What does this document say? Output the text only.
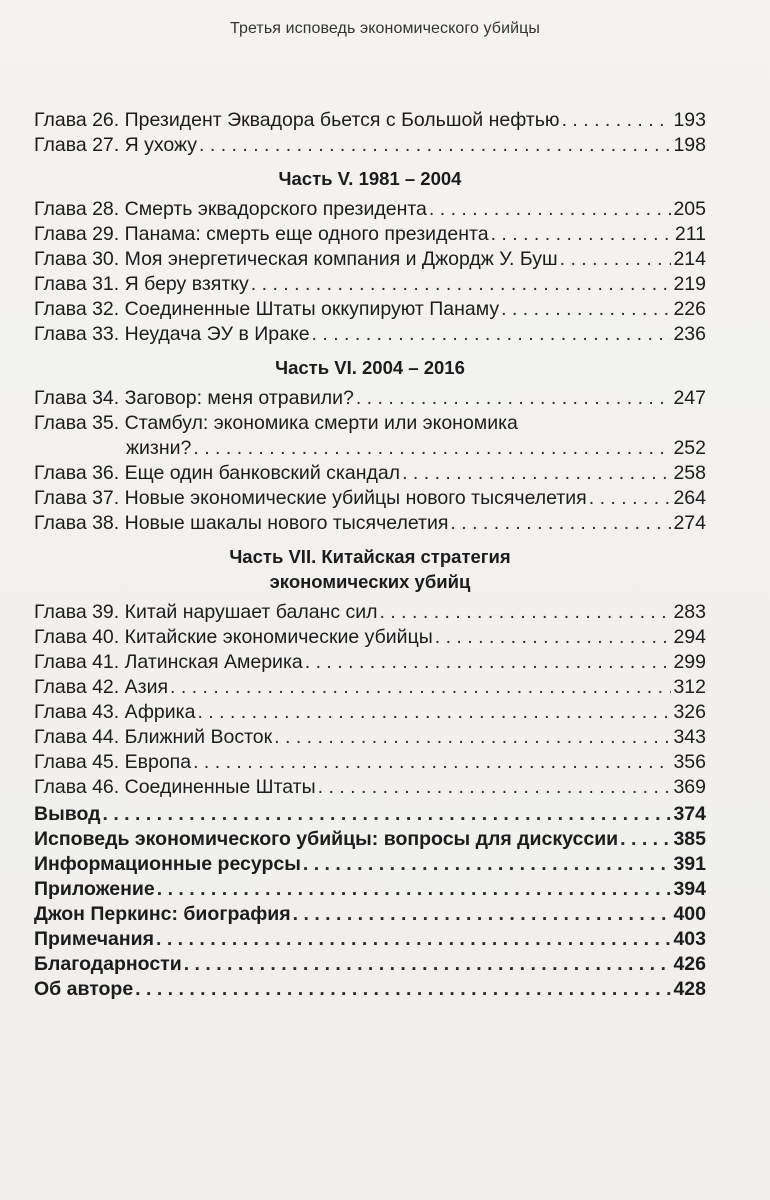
Третья исповедь экономического убийцы
Глава 26. Президент Эквадора бьется с Большой нефтью . . .	193
Глава 27. Я ухожу . . .	198
Часть V. 1981 – 2004
Глава 28. Смерть эквадорского президента . . .	205
Глава 29. Панама: смерть еще одного президента . . .	211
Глава 30. Моя энергетическая компания и Джордж У. Буш . . .	214
Глава 31. Я беру взятку . . .	219
Глава 32. Соединенные Штаты оккупируют Панаму . . .	226
Глава 33. Неудача ЭУ в Ираке . . .	236
Часть VI. 2004 – 2016
Глава 34. Заговор: меня отравили? . . .	247
Глава 35. Стамбул: экономика смерти или экономика
жизни? . . .	252
Глава 36. Еще один банковский скандал . . .	258
Глава 37. Новые экономические убийцы нового тысячелетия . . .	264
Глава 38. Новые шакалы нового тысячелетия . . .	274
Часть VII. Китайская стратегия
экономических убийц
Глава 39. Китай нарушает баланс сил . . .	283
Глава 40. Китайские экономические убийцы . . .	294
Глава 41. Латинская Америка . . .	299
Глава 42. Азия . . .	312
Глава 43. Африка . . .	326
Глава 44. Ближний Восток . . .	343
Глава 45. Европа . . .	356
Глава 46. Соединенные Штаты . . .	369
Вывод . . .	374
Исповедь экономического убийцы: вопросы для дискуссии . . .	385
Информационные ресурсы . . .	391
Приложение . . .	394
Джон Перкинс: биография . . .	400
Примечания . . .	403
Благодарности . . .	426
Об авторе . . .	428
